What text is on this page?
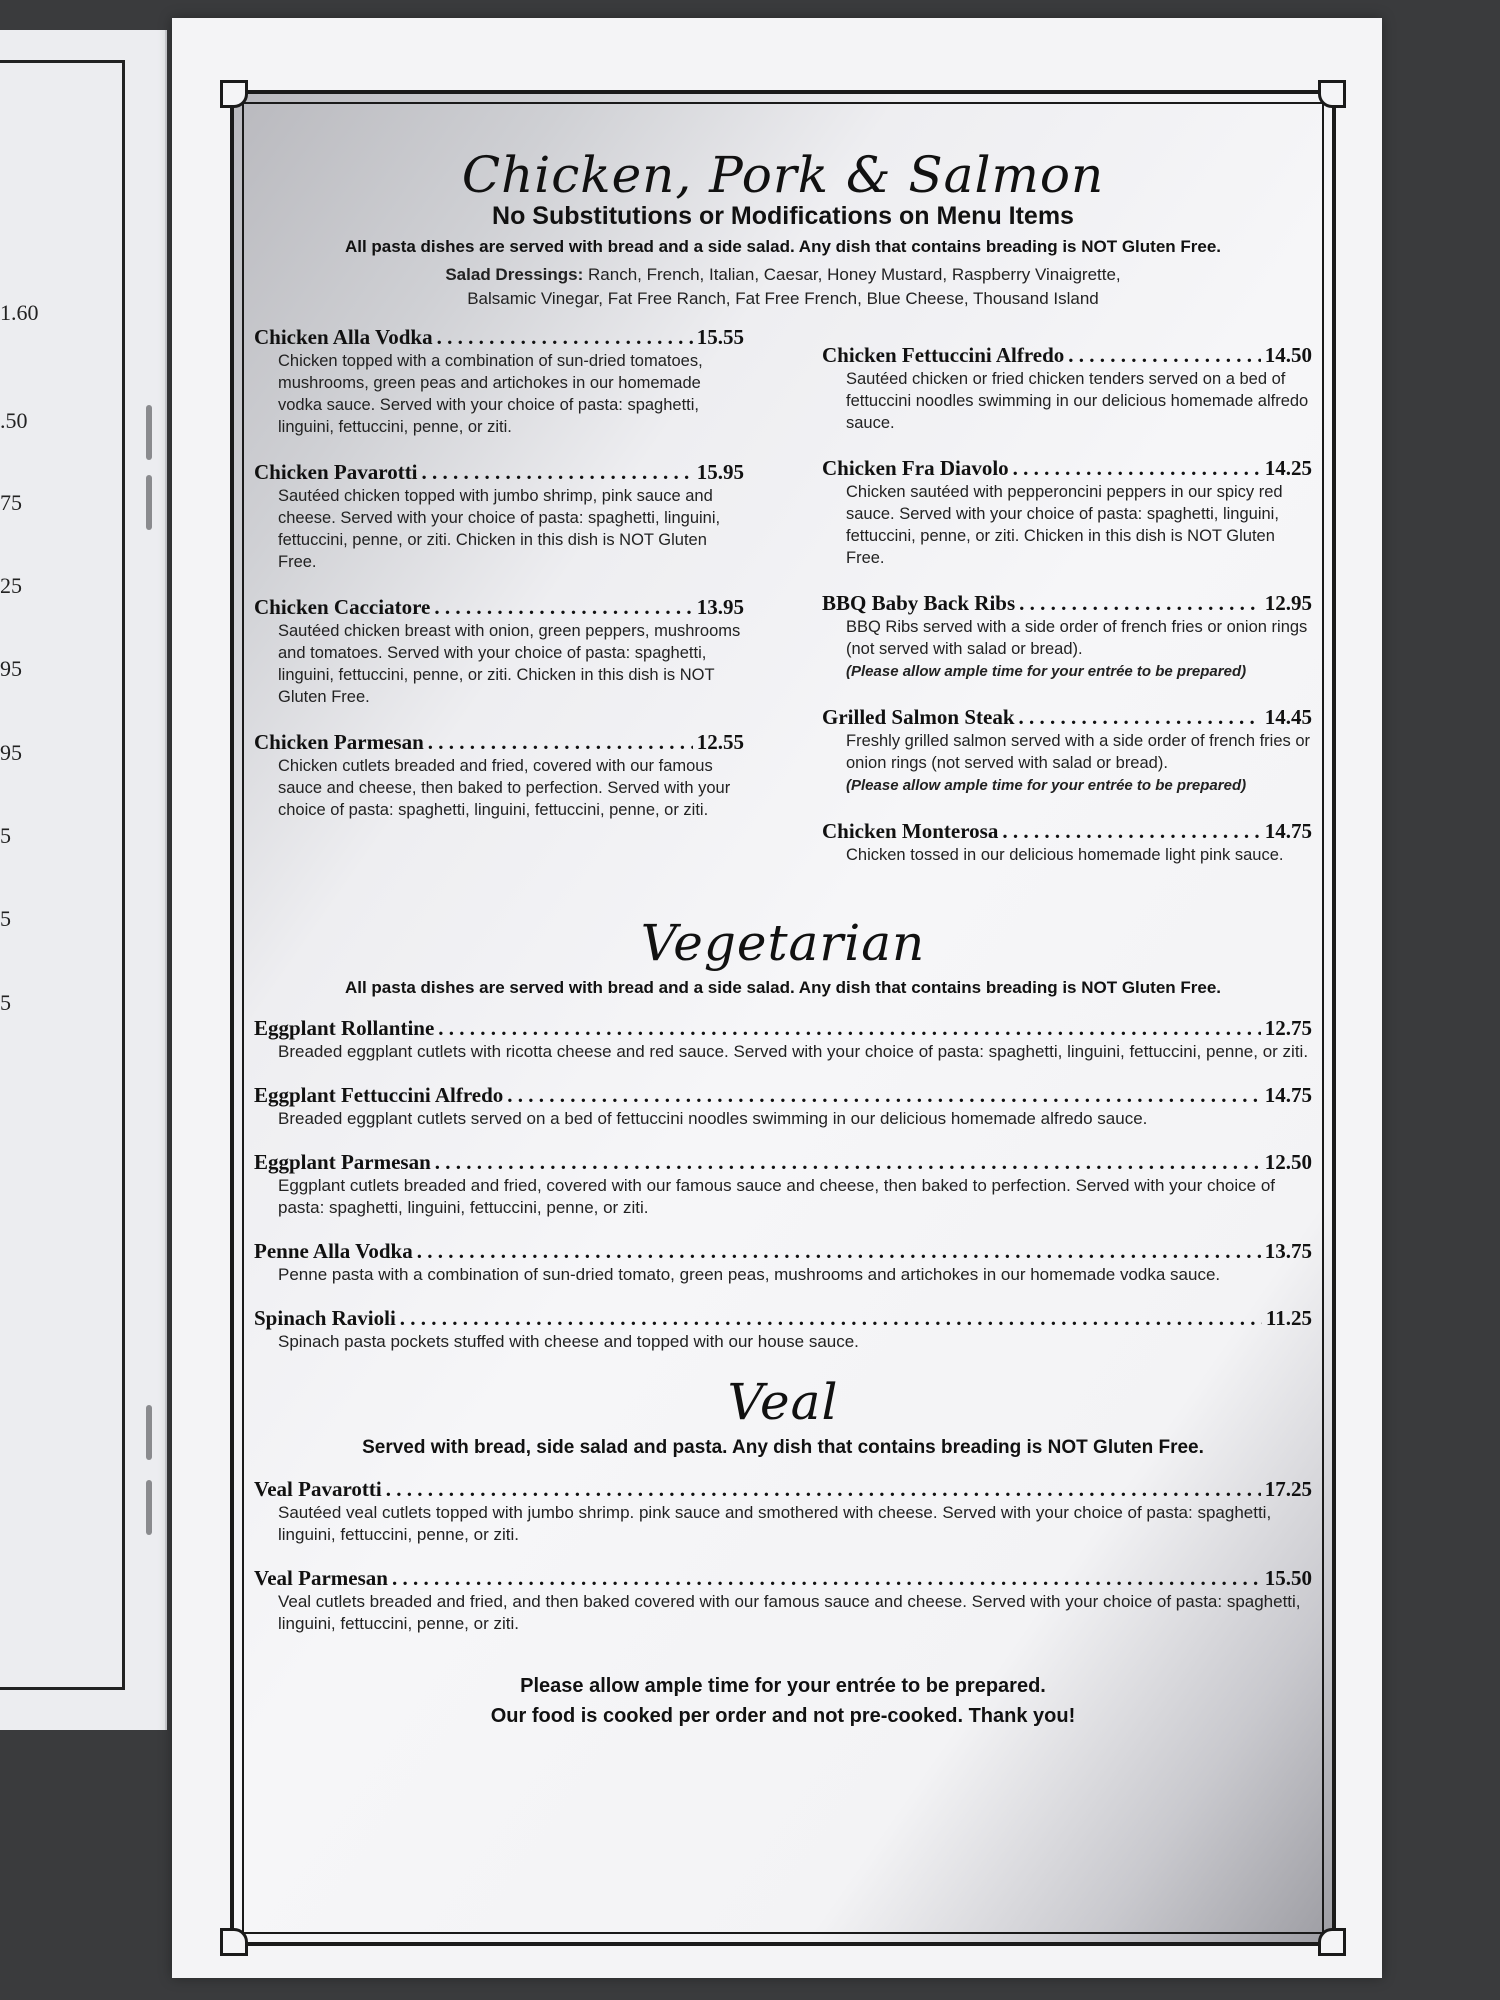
1.60
.50
75
25
95
95
5
5
5
Chicken, Pork & Salmon
No Substitutions or Modifications on Menu Items
All pasta dishes are served with bread and a side salad. Any dish that contains breading is NOT Gluten Free.
Salad Dressings: Ranch, French, Italian, Caesar, Honey Mustard, Raspberry Vinaigrette,
Balsamic Vinegar, Fat Free Ranch, Fat Free French, Blue Cheese, Thousand Island
Chicken Alla Vodka . . .	15.55
Chicken topped with a combination of sun-dried tomatoes, mushrooms, green peas and artichokes in our homemade vodka sauce. Served with your choice of pasta: spaghetti, linguini, fettuccini, penne, or ziti.
Chicken Pavarotti . . .	15.95
Sautéed chicken topped with jumbo shrimp, pink sauce and cheese. Served with your choice of pasta: spaghetti, linguini, fettuccini, penne, or ziti. Chicken in this dish is NOT Gluten Free.
Chicken Cacciatore . . .	13.95
Sautéed chicken breast with onion, green peppers, mushrooms and tomatoes. Served with your choice of pasta: spaghetti, linguini, fettuccini, penne, or ziti. Chicken in this dish is NOT Gluten Free.
Chicken Parmesan . . .	12.55
Chicken cutlets breaded and fried, covered with our famous sauce and cheese, then baked to perfection. Served with your choice of pasta: spaghetti, linguini, fettuccini, penne, or ziti.
Chicken Fettuccini Alfredo . . .	14.50
Sautéed chicken or fried chicken tenders served on a bed of fettuccini noodles swimming in our delicious homemade alfredo sauce.
Chicken Fra Diavolo . . .	14.25
Chicken sautéed with pepperoncini peppers in our spicy red sauce. Served with your choice of pasta: spaghetti, linguini, fettuccini, penne, or ziti. Chicken in this dish is NOT Gluten Free.
BBQ Baby Back Ribs . . .	12.95
BBQ Ribs served with a side order of french fries or onion rings (not served with salad or bread).
(Please allow ample time for your entrée to be prepared)
Grilled Salmon Steak . . .	14.45
Freshly grilled salmon served with a side order of french fries or onion rings (not served with salad or bread).
(Please allow ample time for your entrée to be prepared)
Chicken Monterosa . . .	14.75
Chicken tossed in our delicious homemade light pink sauce.
Vegetarian
All pasta dishes are served with bread and a side salad. Any dish that contains breading is NOT Gluten Free.
Eggplant Rollantine . . .	12.75
Breaded eggplant cutlets with ricotta cheese and red sauce. Served with your choice of pasta: spaghetti, linguini, fettuccini, penne, or ziti.
Eggplant Fettuccini Alfredo . . .	14.75
Breaded eggplant cutlets served on a bed of fettuccini noodles swimming in our delicious homemade alfredo sauce.
Eggplant Parmesan . . .	12.50
Eggplant cutlets breaded and fried, covered with our famous sauce and cheese, then baked to perfection. Served with your choice of pasta: spaghetti, linguini, fettuccini, penne, or ziti.
Penne Alla Vodka . . .	13.75
Penne pasta with a combination of sun-dried tomato, green peas, mushrooms and artichokes in our homemade vodka sauce.
Spinach Ravioli . . .	11.25
Spinach pasta pockets stuffed with cheese and topped with our house sauce.
Veal
Served with bread, side salad and pasta. Any dish that contains breading is NOT Gluten Free.
Veal Pavarotti . . .	17.25
Sautéed veal cutlets topped with jumbo shrimp. pink sauce and smothered with cheese. Served with your choice of pasta: spaghetti, linguini, fettuccini, penne, or ziti.
Veal Parmesan . . .	15.50
Veal cutlets breaded and fried, and then baked covered with our famous sauce and cheese. Served with your choice of pasta: spaghetti, linguini, fettuccini, penne, or ziti.
Please allow ample time for your entrée to be prepared.
Our food is cooked per order and not pre-cooked. Thank you!
